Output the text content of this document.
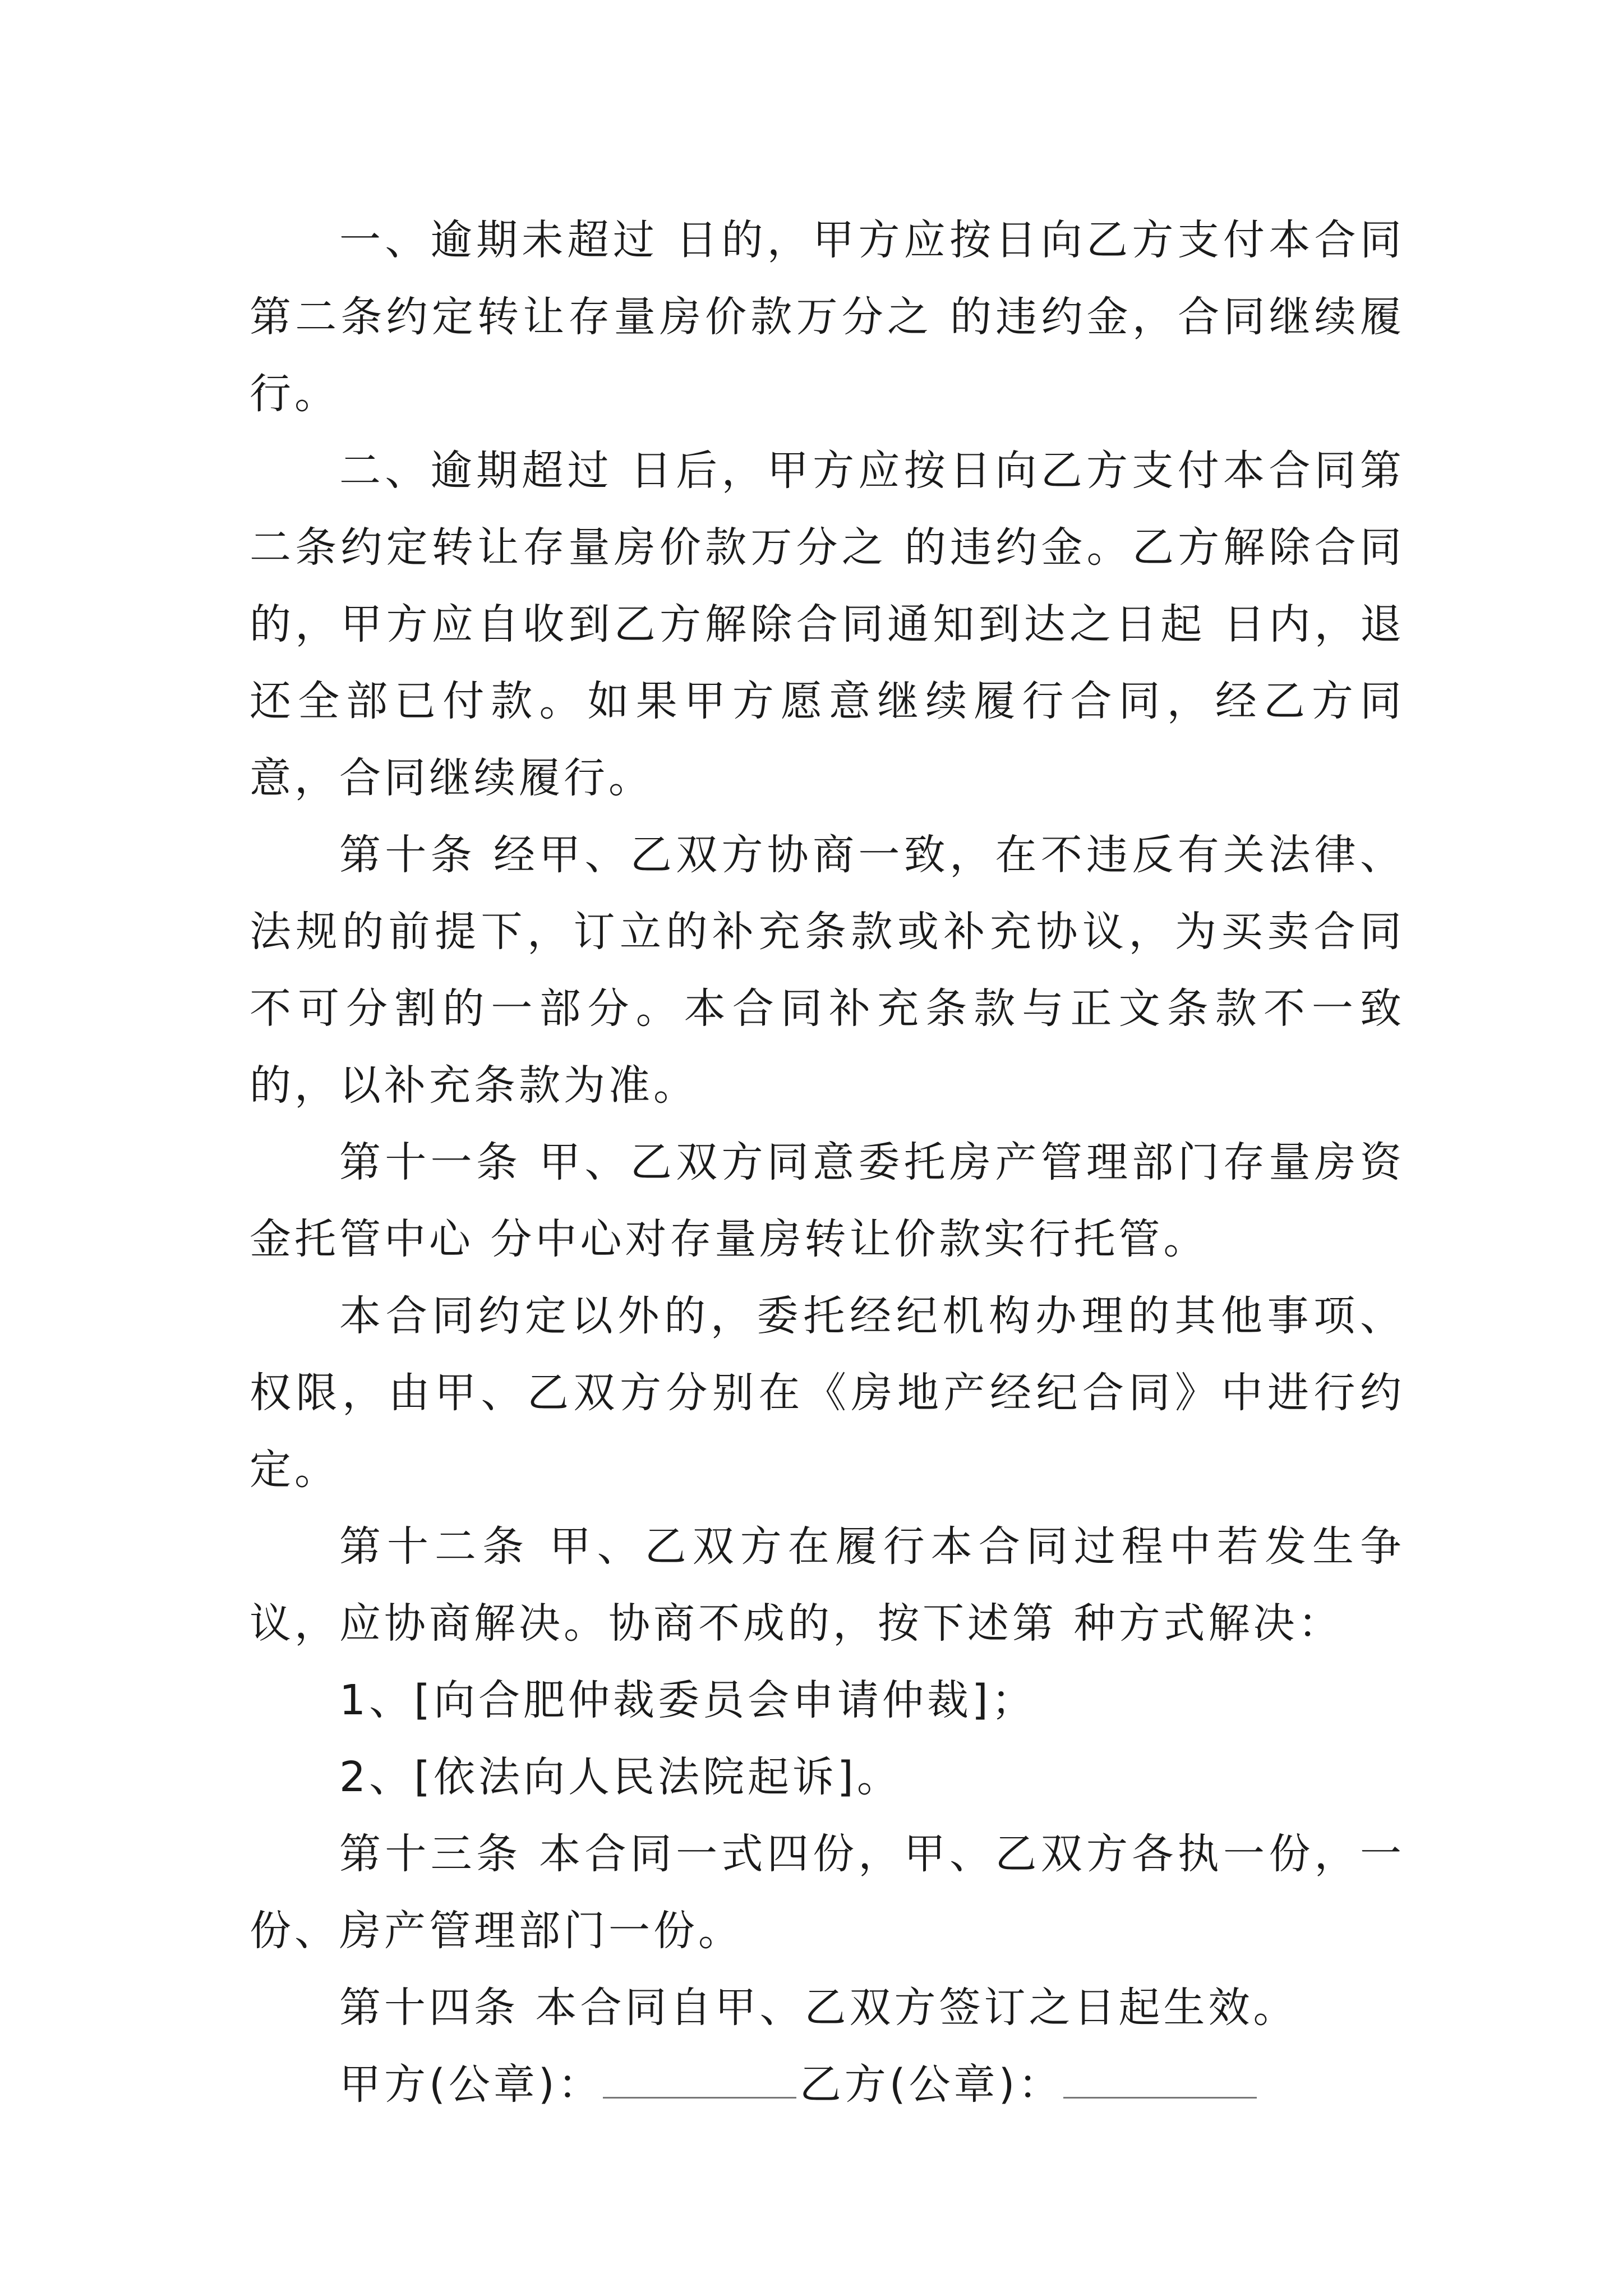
一、逾期未超过 日的，甲方应按日向乙方支付本合同第二条约定转让存量房价款万分之 的违约金，合同继续履行。

二、逾期超过 日后，甲方应按日向乙方支付本合同第二条约定转让存量房价款万分之 的违约金。乙方解除合同的，甲方应自收到乙方解除合同通知到达之日起 日内，退还全部已付款。如果甲方愿意继续履行合同，经乙方同意，合同继续履行。

第十条 经甲、乙双方协商一致，在不违反有关法律、法规的前提下，订立的补充条款或补充协议，为买卖合同不可分割的一部分。本合同补充条款与正文条款不一致的，以补充条款为准。

第十一条 甲、乙双方同意委托房产管理部门存量房资金托管中心 分中心对存量房转让价款实行托管。

本合同约定以外的，委托经纪机构办理的其他事项、权限，由甲、乙双方分别在《房地产经纪合同》中进行约定。

第十二条 甲、乙双方在履行本合同过程中若发生争议，应协商解决。协商不成的，按下述第 种方式解决：

1、[向合肥仲裁委员会申请仲裁]；

2、[依法向人民法院起诉]。

第十三条 本合同一式四份，甲、乙双方各执一份，一份、房产管理部门一份。

第十四条 本合同自甲、乙双方签订之日起生效。

甲方(公章)：	乙方(公章)：
